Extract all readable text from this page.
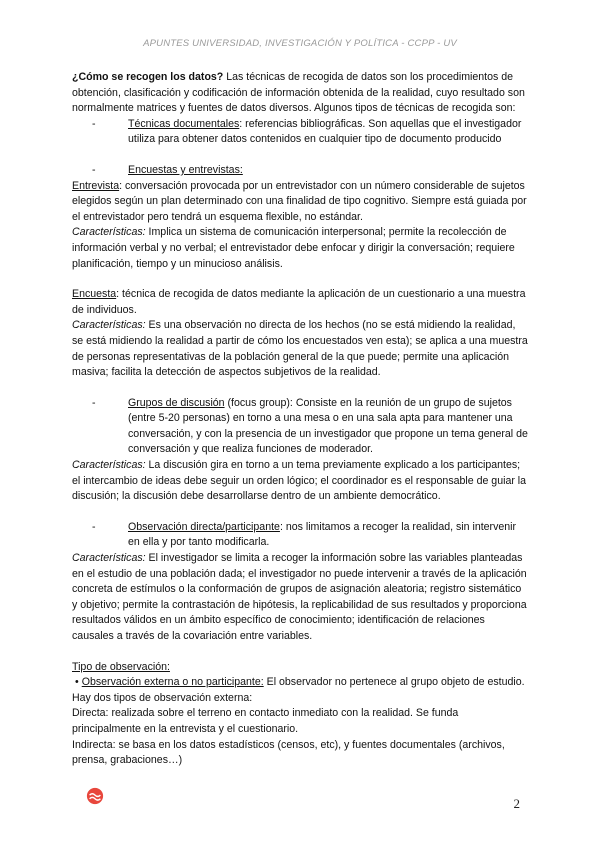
APUNTES UNIVERSIDAD, INVESTIGACIÓN Y POLÍTICA - CCPP - UV

¿Cómo se recogen los datos? Las técnicas de recogida de datos son los procedimientos de obtención, clasificación y codificación de información obtenida de la realidad, cuyo resultado son normalmente matrices y fuentes de datos diversos. Algunos tipos de técnicas de recogida son:

-	Técnicas documentales: referencias bibliográficas. Son aquellas que el investigador utiliza para obtener datos contenidos en cualquier tipo de documento producido
-	Encuestas y entrevistas:

Entrevista: conversación provocada por un entrevistador con un número considerable de sujetos elegidos según un plan determinado con una finalidad de tipo cognitivo. Siempre está guiada por el entrevistador pero tendrá un esquema flexible, no estándar.

Características: Implica un sistema de comunicación interpersonal; permite la recolección de información verbal y no verbal; el entrevistador debe enfocar y dirigir la conversación; requiere planificación, tiempo y un minucioso análisis.

Encuesta: técnica de recogida de datos mediante la aplicación de un cuestionario a una muestra de individuos.

Características: Es una observación no directa de los hechos (no se está midiendo la realidad, se está midiendo la realidad a partir de cómo los encuestados ven esta); se aplica a una muestra de personas representativas de la población general de la que puede; permite una aplicación masiva; facilita la detección de aspectos subjetivos de la realidad.

-	Grupos de discusión (focus group): Consiste en la reunión de un grupo de sujetos (entre 5-20 personas) en torno a una mesa o en una sala apta para mantener una conversación, y con la presencia de un investigador que propone un tema general de conversación y que realiza funciones de moderador.

Características: La discusión gira en torno a un tema previamente explicado a los participantes; el intercambio de ideas debe seguir un orden lógico; el coordinador es el responsable de guiar la discusión; la discusión debe desarrollarse dentro de un ambiente democrático.

-	Observación directa/participante: nos limitamos a recoger la realidad, sin intervenir en ella y por tanto modificarla.

Características: El investigador se limita a recoger la información sobre las variables planteadas en el estudio de una población dada; el investigador no puede intervenir a través de la aplicación concreta de estímulos o la conformación de grupos de asignación aleatoria; registro sistemático y objetivo; permite la contrastación de hipótesis, la replicabilidad de sus resultados y proporciona resultados válidos en un ámbito específico de conocimiento; identificación de relaciones causales a través de la covariación entre variables.

Tipo de observación:

• Observación externa o no participante: El observador no pertenece al grupo objeto de estudio. Hay dos tipos de observación externa:

Directa: realizada sobre el terreno en contacto inmediato con la realidad. Se funda principalmente en la entrevista y el cuestionario.

Indirecta: se basa en los datos estadísticos (censos, etc), y fuentes documentales (archivos, prensa, grabaciones…)

2
